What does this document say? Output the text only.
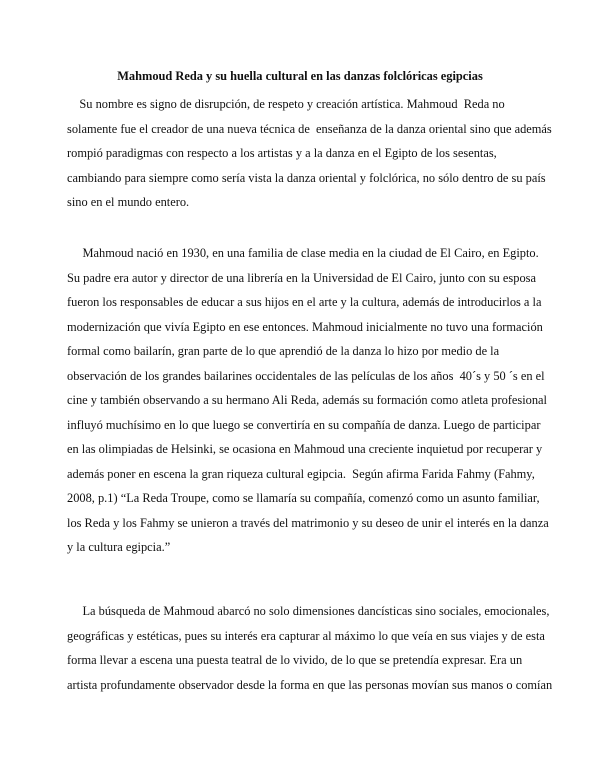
Mahmoud Reda y su huella cultural en las danzas folclóricas egipcias
Su nombre es signo de disrupción, de respeto y creación artística. Mahmoud  Reda no
solamente fue el creador de una nueva técnica de  enseñanza de la danza oriental sino que además
rompió paradigmas con respecto a los artistas y a la danza en el Egipto de los sesentas,
cambiando para siempre como sería vista la danza oriental y folclórica, no sólo dentro de su país
sino en el mundo entero.
Mahmoud nació en 1930, en una familia de clase media en la ciudad de El Cairo, en Egipto.
Su padre era autor y director de una librería en la Universidad de El Cairo, junto con su esposa
fueron los responsables de educar a sus hijos en el arte y la cultura, además de introducirlos a la
modernización que vivía Egipto en ese entonces. Mahmoud inicialmente no tuvo una formación
formal como bailarín, gran parte de lo que aprendió de la danza lo hizo por medio de la
observación de los grandes bailarines occidentales de las películas de los años  40´s y 50 ´s en el
cine y también observando a su hermano Ali Reda, además su formación como atleta profesional
influyó muchísimo en lo que luego se convertiría en su compañía de danza. Luego de participar
en las olimpiadas de Helsinki, se ocasiona en Mahmoud una creciente inquietud por recuperar y
además poner en escena la gran riqueza cultural egipcia.  Según afirma Farida Fahmy (Fahmy,
2008, p.1) “La Reda Troupe, como se llamaría su compañía, comenzó como un asunto familiar,
los Reda y los Fahmy se unieron a través del matrimonio y su deseo de unir el interés en la danza
y la cultura egipcia.”
La búsqueda de Mahmoud abarcó no solo dimensiones dancísticas sino sociales, emocionales,
geográficas y estéticas, pues su interés era capturar al máximo lo que veía en sus viajes y de esta
forma llevar a escena una puesta teatral de lo vivido, de lo que se pretendía expresar. Era un
artista profundamente observador desde la forma en que las personas movían sus manos o comían
